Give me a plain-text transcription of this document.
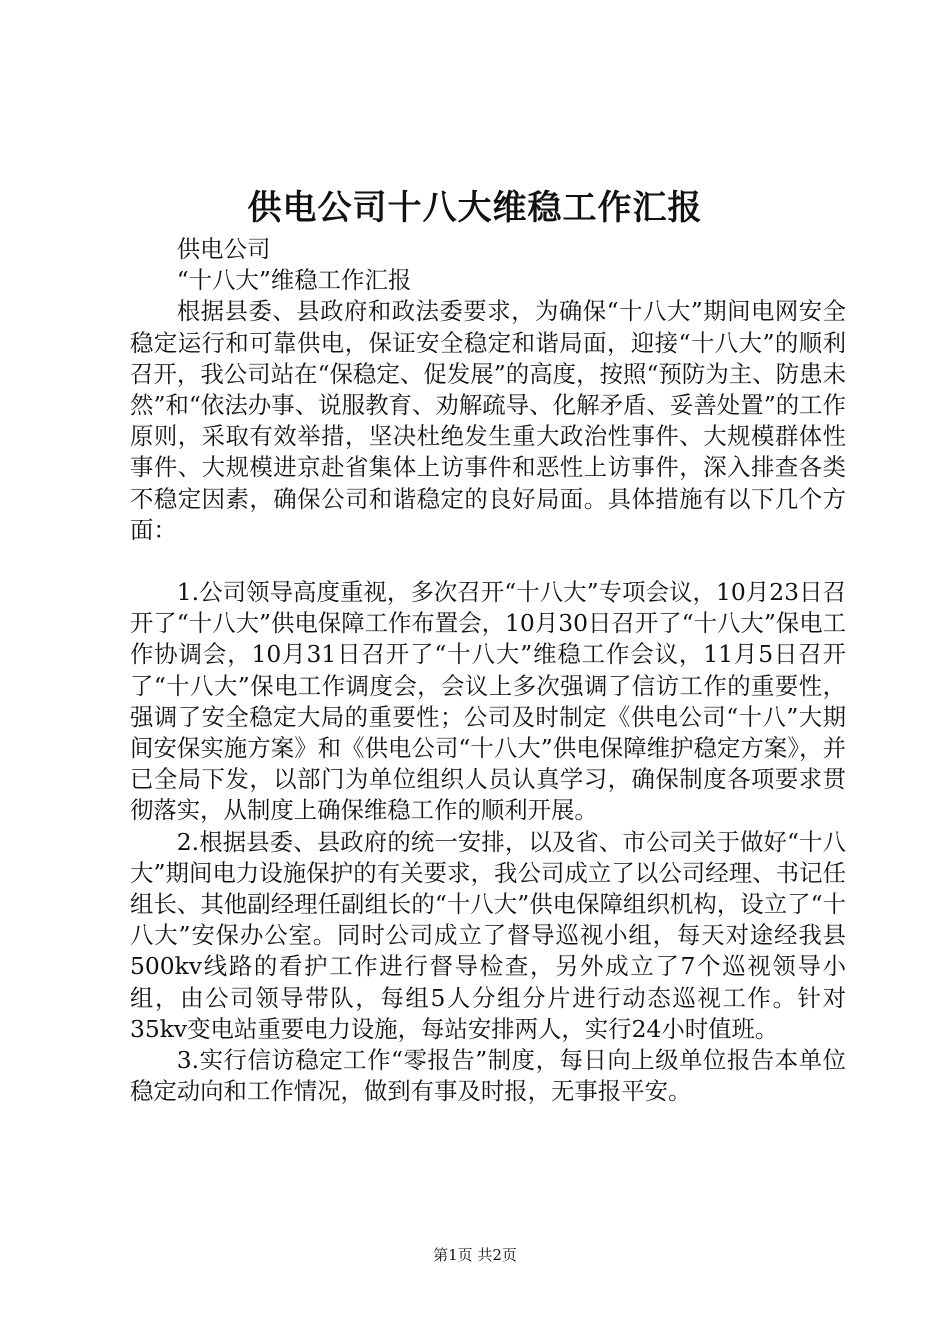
供电公司十八大维稳工作汇报

供电公司

“十八大”维稳工作汇报

根据县委、县政府和政法委要求，为确保“十八大”期间电网安全稳定运行和可靠供电，保证安全稳定和谐局面，迎接“十八大”的顺利召开，我公司站在“保稳定、促发展”的高度，按照“预防为主、防患未然”和“依法办事、说服教育、劝解疏导、化解矛盾、妥善处置”的工作原则，采取有效举措，坚决杜绝发生重大政治性事件、大规模群体性事件、大规模进京赴省集体上访事件和恶性上访事件，深入排查各类不稳定因素，确保公司和谐稳定的良好局面。具体措施有以下几个方面：

1.公司领导高度重视，多次召开“十八大”专项会议，10月23日召开了“十八大”供电保障工作布置会，10月30日召开了“十八大”保电工作协调会，10月31日召开了“十八大”维稳工作会议，11月5日召开了“十八大”保电工作调度会，会议上多次强调了信访工作的重要性，强调了安全稳定大局的重要性；公司及时制定《供电公司“十八”大期间安保实施方案》和《供电公司“十八大”供电保障维护稳定方案》，并已全局下发，以部门为单位组织人员认真学习，确保制度各项要求贯彻落实，从制度上确保维稳工作的顺利开展。

2.根据县委、县政府的统一安排，以及省、市公司关于做好“十八大”期间电力设施保护的有关要求，我公司成立了以公司经理、书记任组长、其他副经理任副组长的“十八大”供电保障组织机构，设立了“十八大”安保办公室。同时公司成立了督导巡视小组，每天对途经我县500kv线路的看护工作进行督导检查，另外成立了7个巡视领导小组，由公司领导带队，每组5人分组分片进行动态巡视工作。针对35kv变电站重要电力设施，每站安排两人，实行24小时值班。

3.实行信访稳定工作“零报告”制度，每日向上级单位报告本单位稳定动向和工作情况，做到有事及时报，无事报平安。

第1页 共2页
